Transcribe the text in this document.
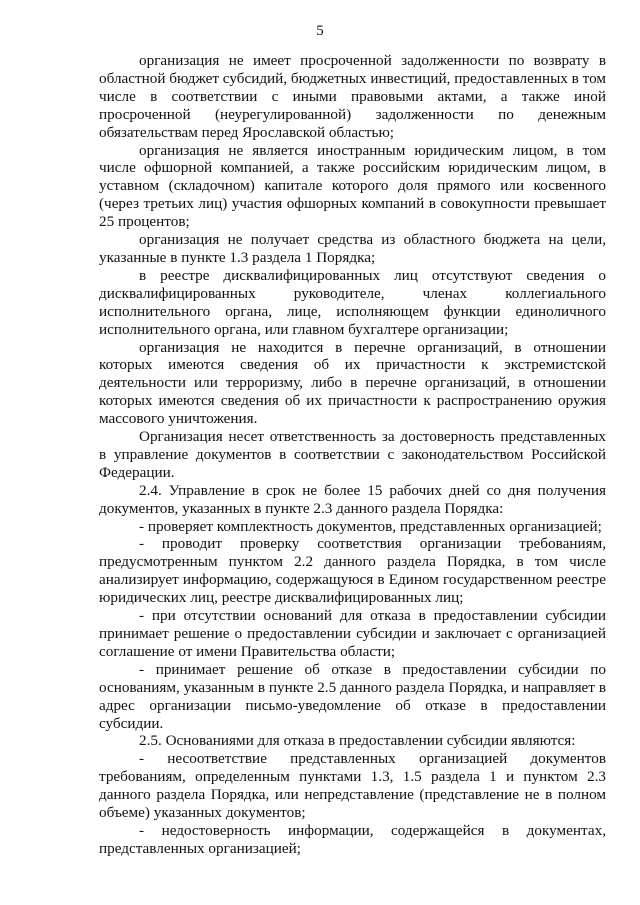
5

организация не имеет просроченной задолженности по возврату в областной бюджет субсидий, бюджетных инвестиций, предоставленных в том числе в соответствии с иными правовыми актами, а также иной просроченной (неурегулированной) задолженности по денежным обязательствам перед Ярославской областью;

организация не является иностранным юридическим лицом, в том числе офшорной компанией, а также российским юридическим лицом, в уставном (складочном) капитале которого доля прямого или косвенного (через третьих лиц) участия офшорных компаний в совокупности превышает 25 процентов;

организация не получает средства из областного бюджета на цели, указанные в пункте 1.3 раздела 1 Порядка;

в реестре дисквалифицированных лиц отсутствуют сведения о дисквалифицированных руководителе, членах коллегиального исполнительного органа, лице, исполняющем функции единоличного исполнительного органа, или главном бухгалтере организации;

организация не находится в перечне организаций, в отношении которых имеются сведения об их причастности к экстремистской деятельности или терроризму, либо в перечне организаций, в отношении которых имеются сведения об их причастности к распространению оружия массового уничтожения.

Организация несет ответственность за достоверность представленных в управление документов в соответствии с законодательством Российской Федерации.

2.4. Управление в срок не более 15 рабочих дней со дня получения документов, указанных в пункте 2.3 данного раздела Порядка:

- проверяет комплектность документов, представленных организацией;

- проводит проверку соответствия организации требованиям, предусмотренным пунктом 2.2 данного раздела Порядка, в том числе анализирует информацию, содержащуюся в Едином государственном реестре юридических лиц, реестре дисквалифицированных лиц;

- при отсутствии оснований для отказа в предоставлении субсидии принимает решение о предоставлении субсидии и заключает с организацией соглашение от имени Правительства области;

- принимает решение об отказе в предоставлении субсидии по основаниям, указанным в пункте 2.5 данного раздела Порядка, и направляет в адрес организации письмо-уведомление об отказе в предоставлении субсидии.

2.5. Основаниями для отказа в предоставлении субсидии являются:

- несоответствие представленных организацией документов требованиям, определенным пунктами 1.3, 1.5 раздела 1 и пунктом 2.3 данного раздела Порядка, или непредставление (представление не в полном объеме) указанных документов;

- недостоверность информации, содержащейся в документах, представленных организацией;
